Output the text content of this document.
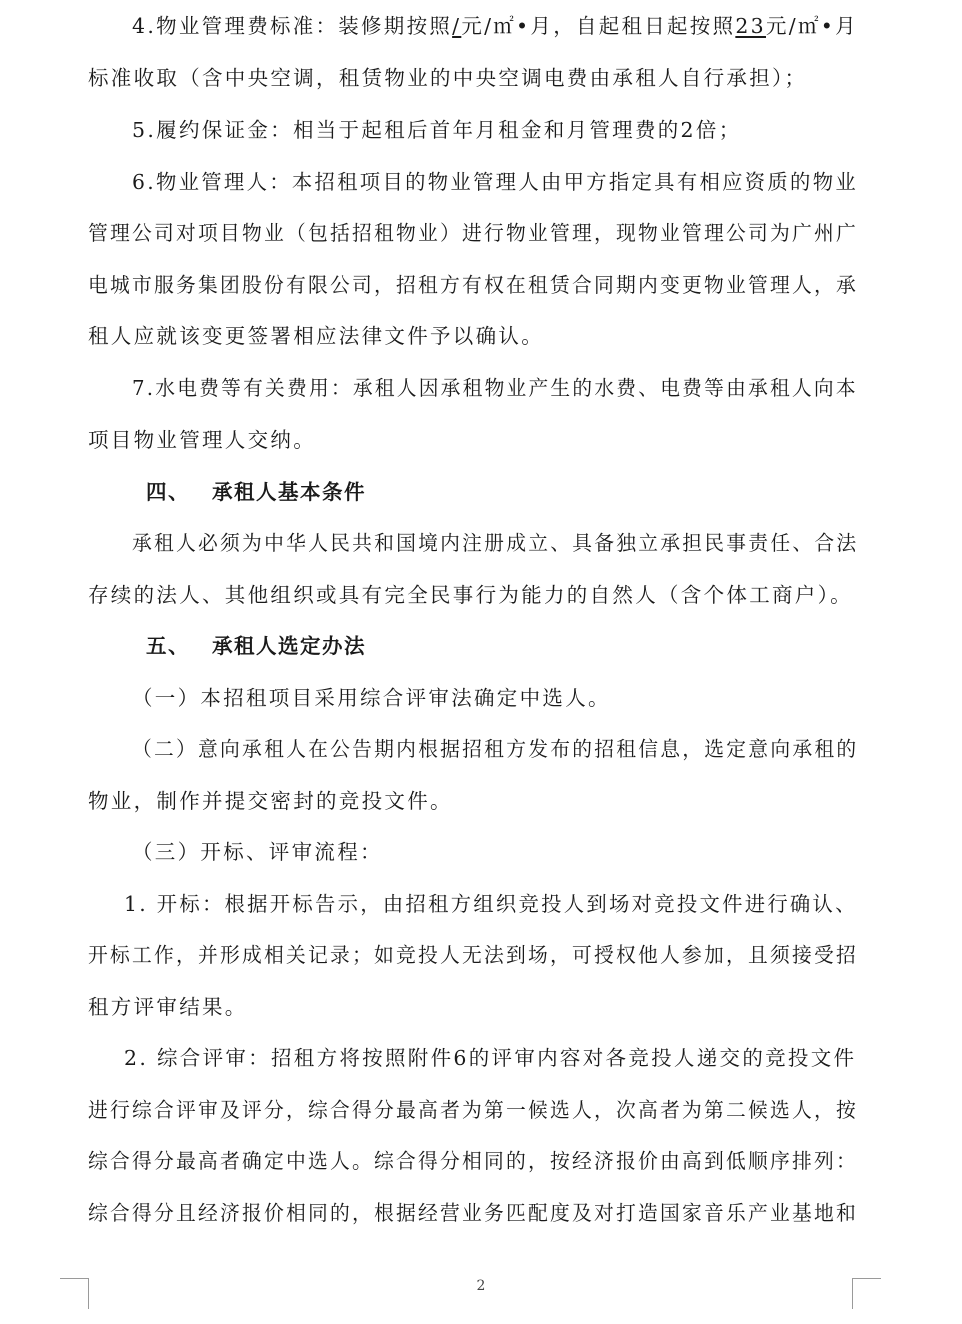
4.物业管理费标准：装修期按照/元/㎡•月，自起租日起按照23元/㎡•月
标准收取（含中央空调，租赁物业的中央空调电费由承租人自行承担）；
5.履约保证金：相当于起租后首年月租金和月管理费的2倍；
6.物业管理人：本招租项目的物业管理人由甲方指定具有相应资质的物业
管理公司对项目物业（包括招租物业）进行物业管理，现物业管理公司为广州广
电城市服务集团股份有限公司，招租方有权在租赁合同期内变更物业管理人，承
租人应就该变更签署相应法律文件予以确认。
7.水电费等有关费用：承租人因承租物业产生的水费、电费等由承租人向本
项目物业管理人交纳。
四、 承租人基本条件
承租人必须为中华人民共和国境内注册成立、具备独立承担民事责任、合法
存续的法人、其他组织或具有完全民事行为能力的自然人（含个体工商户）。
五、 承租人选定办法
（一）本招租项目采用综合评审法确定中选人。
（二）意向承租人在公告期内根据招租方发布的招租信息，选定意向承租的
物业，制作并提交密封的竞投文件。
（三）开标、评审流程：
1. 开标：根据开标告示，由招租方组织竞投人到场对竞投文件进行确认、
开标工作，并形成相关记录；如竞投人无法到场，可授权他人参加，且须接受招
租方评审结果。
2. 综合评审：招租方将按照附件6的评审内容对各竞投人递交的竞投文件
进行综合评审及评分，综合得分最高者为第一候选人，次高者为第二候选人，按
综合得分最高者确定中选人。综合得分相同的，按经济报价由高到低顺序排列：
综合得分且经济报价相同的，根据经营业务匹配度及对打造国家音乐产业基地和
2
